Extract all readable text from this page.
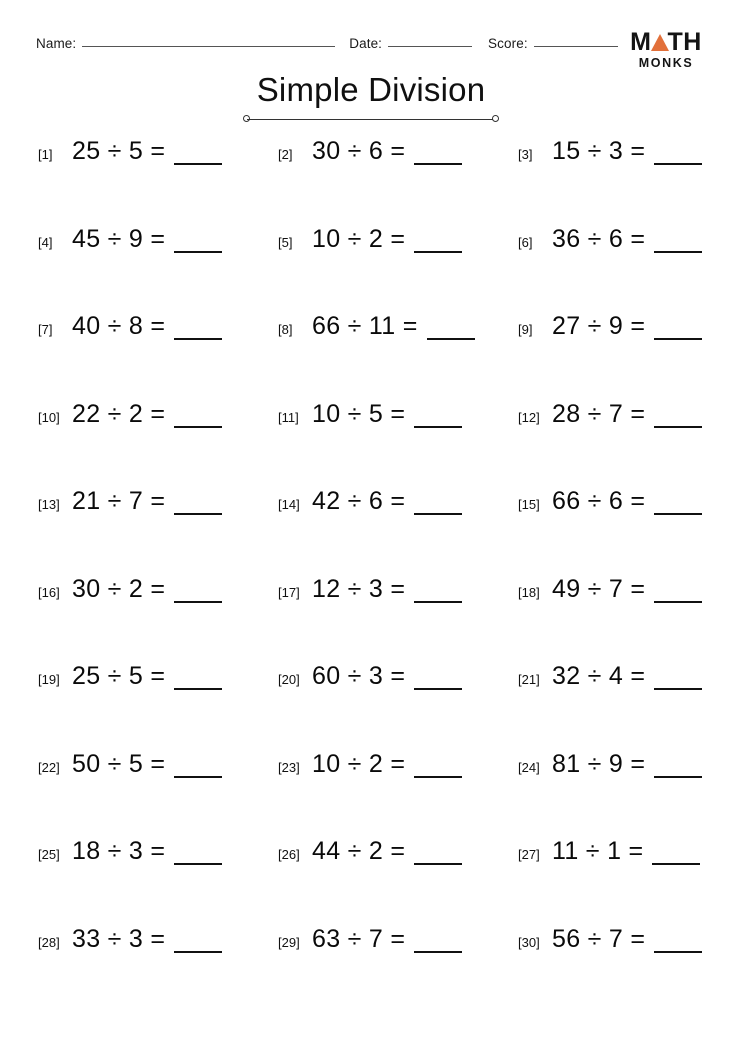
Name:	Date:	Score:	M TH
MONKS
Simple Division
[1] 25 ÷ 5 =	[2] 30 ÷ 6 =	[3] 15 ÷ 3 =
[4] 45 ÷ 9 =	[5] 10 ÷ 2 =	[6] 36 ÷ 6 =
[7] 40 ÷ 8 =	[8] 66 ÷ 11 =	[9] 27 ÷ 9 =
[10] 22 ÷ 2 =	[11] 10 ÷ 5 =	[12] 28 ÷ 7 =
[13] 21 ÷ 7 =	[14] 42 ÷ 6 =	[15] 66 ÷ 6 =
[16] 30 ÷ 2 =	[17] 12 ÷ 3 =	[18] 49 ÷ 7 =
[19] 25 ÷ 5 =	[20] 60 ÷ 3 =	[21] 32 ÷ 4 =
[22] 50 ÷ 5 =	[23] 10 ÷ 2 =	[24] 81 ÷ 9 =
[25] 18 ÷ 3 =	[26] 44 ÷ 2 =	[27] 11 ÷ 1 =
[28] 33 ÷ 3 =	[29] 63 ÷ 7 =	[30] 56 ÷ 7 =
